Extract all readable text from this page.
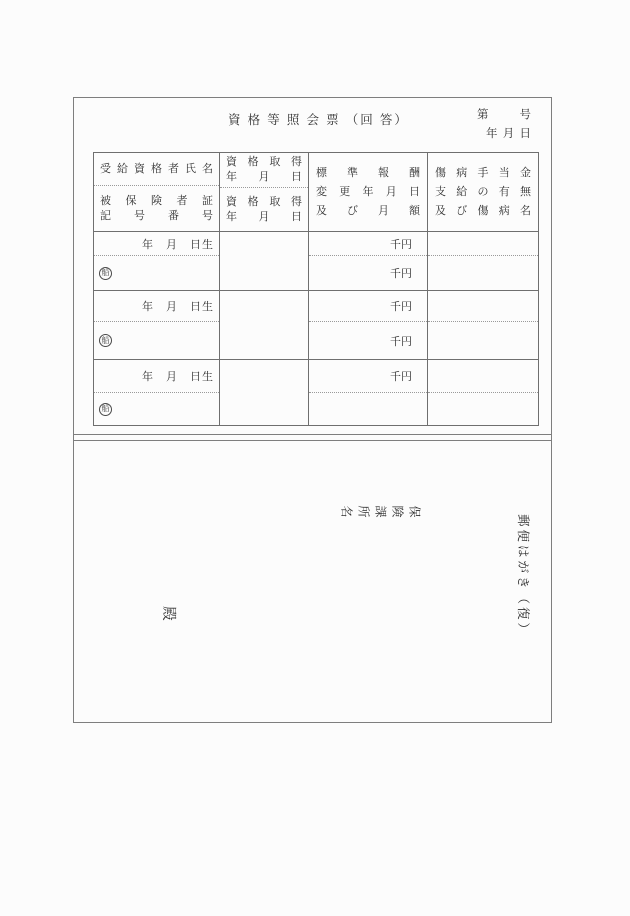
資 格 等 照 会 票 （回 答）	第	号
年 月 日
受 給 資 格 者 氏 名
被 保 険 者 証
記 号 番 号
資 格 取 得
年 月 日
資 格 取 得
年 月 日
標 準 報 酬
変 更 年 月 日
及 び 月 額
傷 病 手 当 金
支 給 の 有 無
及 び 傷 病 名
年　月　日生
船
千円
千円
年　月　日生
船
千円
千円
年　月　日生
船
千円
保険課所名
郵便はがき（復）
殿
